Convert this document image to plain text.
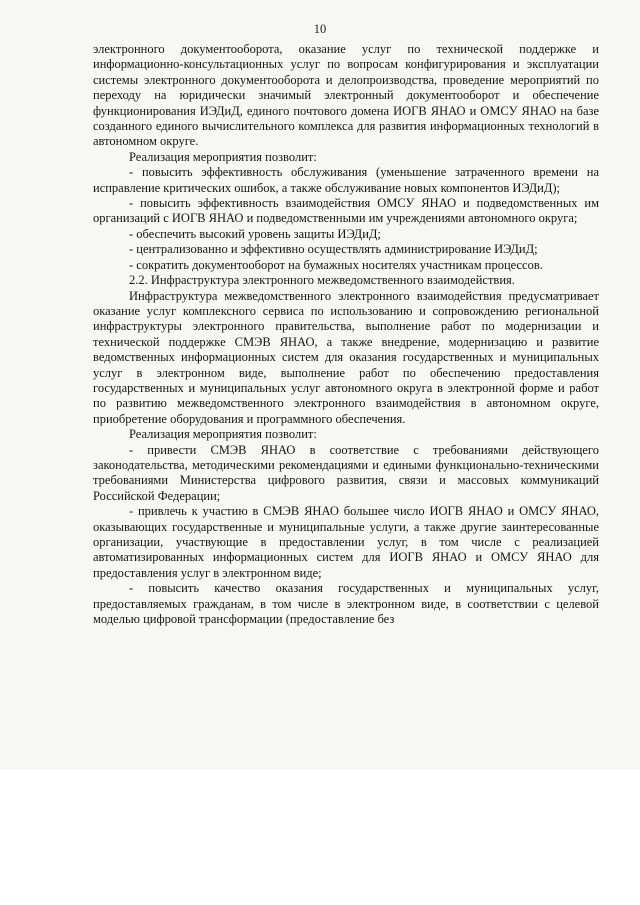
10

электронного документооборота, оказание услуг по технической поддержке и информационно-консультационных услуг по вопросам конфигурирования и эксплуатации системы электронного документооборота и делопроизводства, проведение мероприятий по переходу на юридически значимый электронный документооборот и обеспечение функционирования ИЭДиД, единого почтового домена ИОГВ ЯНАО и ОМСУ ЯНАО на базе созданного единого вычислительного комплекса для развития информационных технологий в автономном округе.

Реализация мероприятия позволит:

- повысить эффективность обслуживания (уменьшение затраченного времени на исправление критических ошибок, а также обслуживание новых компонентов ИЭДиД);

- повысить эффективность взаимодействия ОМСУ ЯНАО и подведомственных им организаций с ИОГВ ЯНАО и подведомственными им учреждениями автономного округа;

- обеспечить высокий уровень защиты ИЭДиД;

- централизованно и эффективно осуществлять администрирование ИЭДиД;

- сократить документооборот на бумажных носителях участникам процессов.

2.2. Инфраструктура электронного межведомственного взаимодействия.

Инфраструктура межведомственного электронного взаимодействия предусматривает оказание услуг комплексного сервиса по использованию и сопровождению региональной инфраструктуры электронного правительства, выполнение работ по модернизации и технической поддержке СМЭВ ЯНАО, а также внедрение, модернизацию и развитие ведомственных информационных систем для оказания государственных и муниципальных услуг в электронном виде, выполнение работ по обеспечению предоставления государственных и муниципальных услуг автономного округа в электронной форме и работ по развитию межведомственного электронного взаимодействия в автономном округе, приобретение оборудования и программного обеспечения.

Реализация мероприятия позволит:

- привести СМЭВ ЯНАО в соответствие с требованиями действующего законодательства, методическими рекомендациями и едиными функционально-техническими требованиями Министерства цифрового развития, связи и массовых коммуникаций Российской Федерации;

- привлечь к участию в СМЭВ ЯНАО большее число ИОГВ ЯНАО и ОМСУ ЯНАО, оказывающих государственные и муниципальные услуги, а также другие заинтересованные организации, участвующие в предоставлении услуг, в том числе с реализацией автоматизированных информационных систем для ИОГВ ЯНАО и ОМСУ ЯНАО для предоставления услуг в электронном виде;

- повысить качество оказания государственных и муниципальных услуг, предоставляемых гражданам, в том числе в электронном виде, в соответствии с целевой моделью цифровой трансформации (предоставление без
